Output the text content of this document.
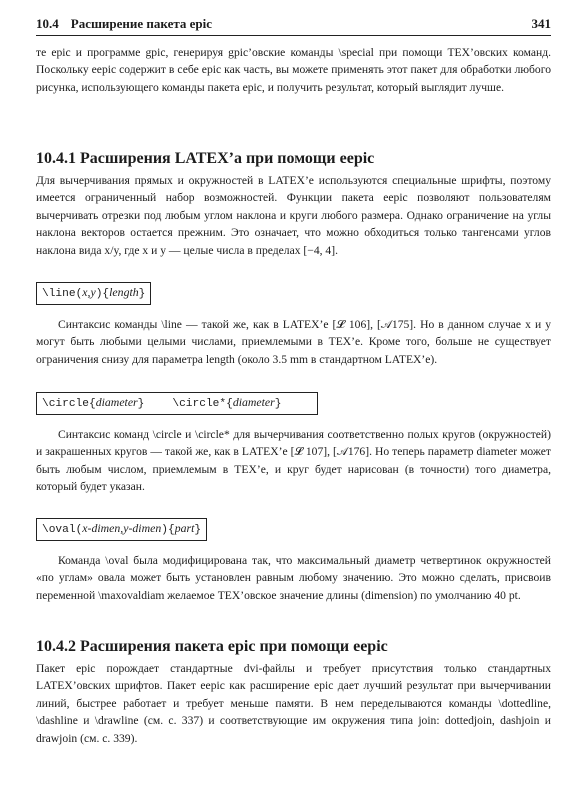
10.4 Расширение пакета epic	341

те epic и программе gpic, генерируя gpic’овские команды \special при помощи TEX’овских команд. Поскольку eepic содержит в себе epic как часть, вы можете применять этот пакет для обработки любого рисунка, использующего команды пакета epic, и получить результат, который выглядит лучше.

10.4.1 Расширения LATEX’а при помощи eepic

Для вычерчивания прямых и окружностей в LATEX’е используются специальные шрифты, поэтому имеется ограниченный набор возможностей. Функции пакета eepic позволяют пользователям вычерчивать отрезки под любым углом наклона и круги любого размера. Однако ограничение на углы наклона векторов остается прежним. Это означает, что можно обходиться только тангенсами углов наклона вида x/y, где x и y — целые числа в пределах [−4, 4].

\line(x,y){length}

Синтаксис команды \line — такой же, как в LATEX’е [𝓛 106], [𝒜175]. Но в данном случае x и y могут быть любыми целыми числами, приемлемыми в TEX’е. Кроме того, больше не существует ограничения снизу для параметра length (около 3.5 mm в стандартном LATEX’е).

\circle{diameter}	\circle*{diameter}

Синтаксис команд \circle и \circle* для вычерчивания соответственно полых кругов (окружностей) и закрашенных кругов — такой же, как в LATEX’е [𝓛 107], [𝒜176]. Но теперь параметр diameter может быть любым числом, приемлемым в TEX’е, и круг будет нарисован (в точности) того диаметра, который будет указан.

\oval(x-dimen,y-dimen){part}

Команда \oval была модифицирована так, что максимальный диаметр четвертинок окружностей «по углам» овала может быть установлен равным любому значению. Это можно сделать, присвоив переменной \maxovaldiam желаемое TEX’овское значение длины (dimension) по умолчанию 40 pt.

10.4.2 Расширения пакета epic при помощи eepic

Пакет epic порождает стандартные dvi-файлы и требует присутствия только стандартных LATEX’овских шрифтов. Пакет eepic как расширение epic дает лучший результат при вычерчивании линий, быстрее работает и требует меньше памяти. В нем переделываются команды \dottedline, \dashline и \drawline (см. с. 337) и соответствующие им окружения типа join: dottedjoin, dashjoin и drawjoin (см. с. 339).
